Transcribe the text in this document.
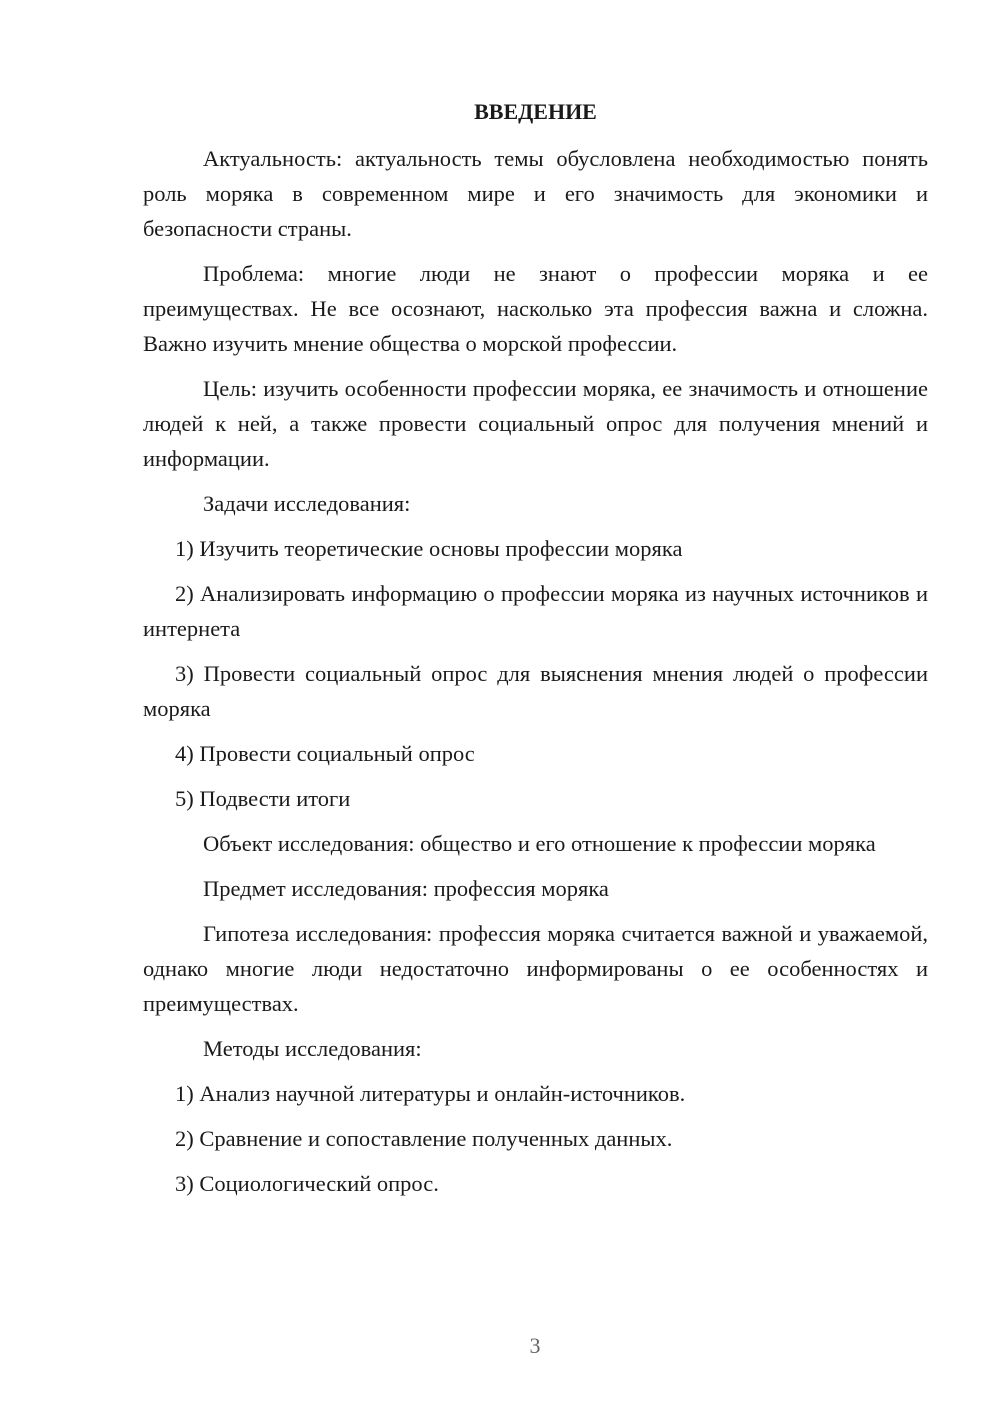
ВВЕДЕНИЕ

Актуальность: актуальность темы обусловлена необходимостью понять роль моряка в современном мире и его значимость для экономики и безопасности страны.

Проблема: многие люди не знают о профессии моряка и ее преимуществах. Не все осознают, насколько эта профессия важна и сложна. Важно изучить мнение общества о морской профессии.

Цель: изучить особенности профессии моряка, ее значимость и отношение людей к ней, а также провести социальный опрос для получения мнений и информации.

Задачи исследования:

1) Изучить теоретические основы профессии моряка

2) Анализировать информацию о профессии моряка из научных источников и интернета

3) Провести социальный опрос для выяснения мнения людей о профессии моряка

4) Провести социальный опрос

5) Подвести итоги

Объект исследования: общество и его отношение к профессии моряка

Предмет исследования: профессия моряка

Гипотеза исследования: профессия моряка считается важной и уважаемой, однако многие люди недостаточно информированы о ее особенностях и преимуществах.

Методы исследования:

1) Анализ научной литературы и онлайн-источников.

2) Сравнение и сопоставление полученных данных.

3) Социологический опрос.

3
